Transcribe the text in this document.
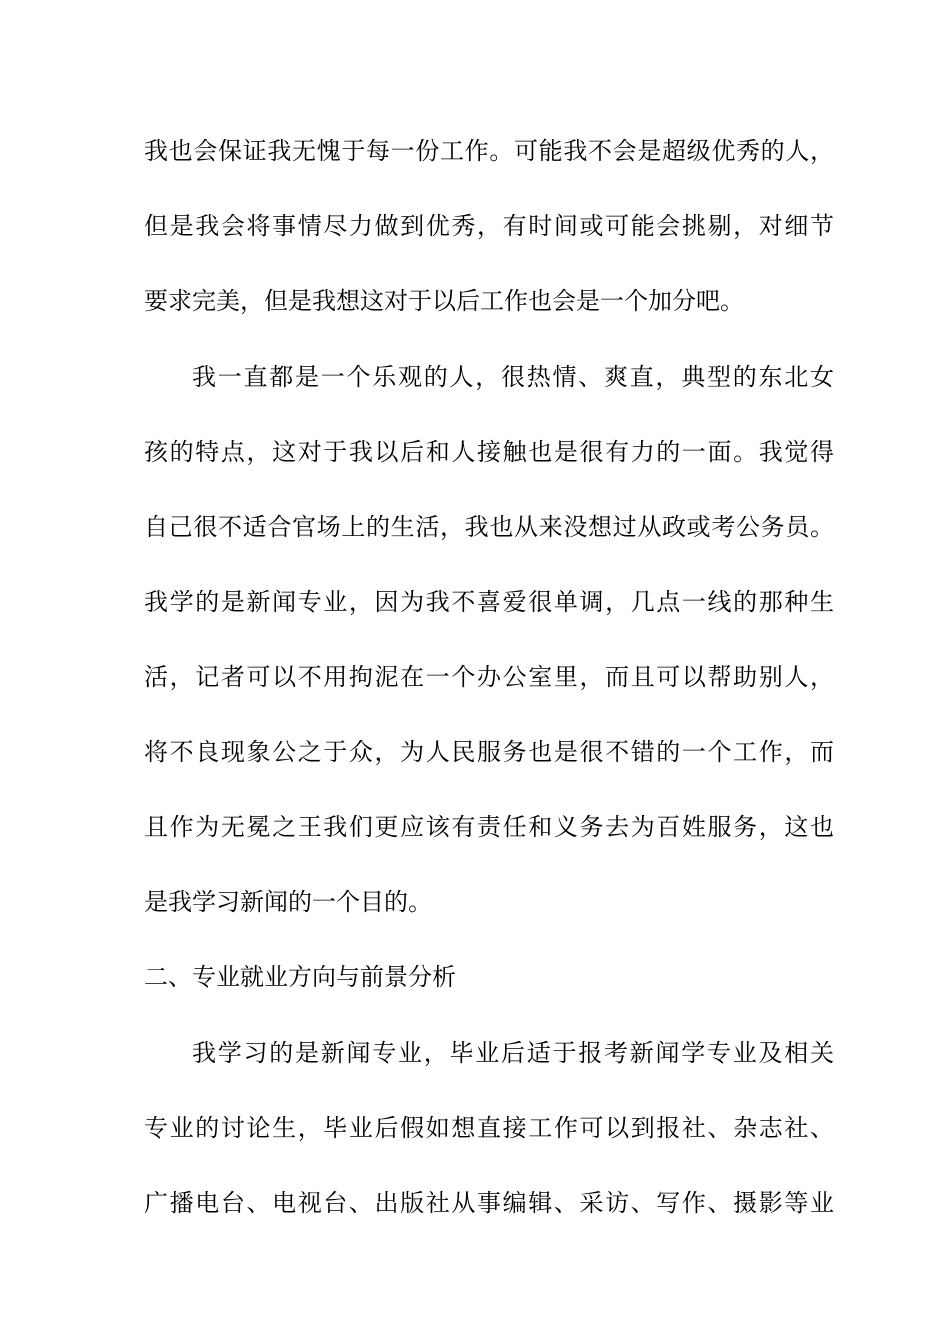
我也会保证我无愧于每一份工作。可能我不会是超级优秀的人，
但是我会将事情尽力做到优秀，有时间或可能会挑剔，对细节
要求完美，但是我想这对于以后工作也会是一个加分吧。
我一直都是一个乐观的人，很热情、爽直，典型的东北女
孩的特点，这对于我以后和人接触也是很有力的一面。我觉得
自己很不适合官场上的生活，我也从来没想过从政或考公务员。
我学的是新闻专业，因为我不喜爱很单调，几点一线的那种生
活，记者可以不用拘泥在一个办公室里，而且可以帮助别人，
将不良现象公之于众，为人民服务也是很不错的一个工作，而
且作为无冕之王我们更应该有责任和义务去为百姓服务，这也
是我学习新闻的一个目的。
二、专业就业方向与前景分析
我学习的是新闻专业，毕业后适于报考新闻学专业及相关
专业的讨论生，毕业后假如想直接工作可以到报社、杂志社、
广播电台、电视台、出版社从事编辑、采访、写作、摄影等业
